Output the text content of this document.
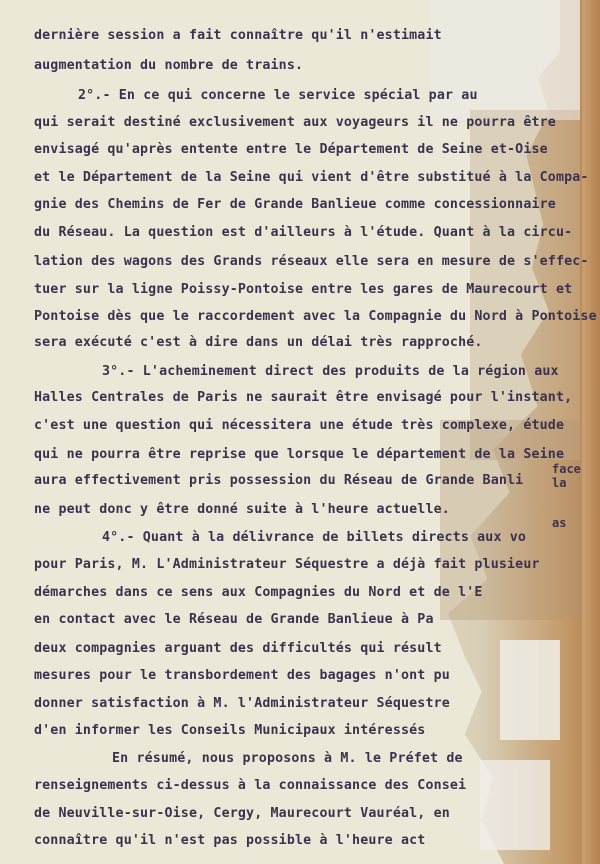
dernière session a fait connaître qu'il n'estimait

augmentation du nombre de trains.

2°.- En ce qui concerne le service spécial par au

qui serait destiné exclusivement aux voyageurs il ne pourra être

envisagé qu'après entente entre le Département de Seine et-Oise

et le Département de la Seine qui vient d'être substitué à la Compa-

gnie des Chemins de Fer de Grande Banlieue comme concessionnaire

du Réseau. La question est d'ailleurs à l'étude. Quant à la circu-

lation des wagons des Grands réseaux elle sera en mesure de s'effec-

tuer sur la ligne Poissy-Pontoise entre les gares de Maurecourt et

Pontoise dès que le raccordement avec la Compagnie du Nord à Pontoise

sera exécuté c'est à dire dans un délai très rapproché.

3°.- L'acheminement direct des produits de la région aux

Halles Centrales de Paris ne saurait être envisagé pour l'instant,

c'est une question qui nécessitera une étude très complexe, étude

qui ne pourra être reprise que lorsque le département de la Seine

aura effectivement pris possession du Réseau de Grande Banli

ne peut donc y être donné suite à l'heure actuelle.

4°.- Quant à la délivrance de billets directs aux vo

pour Paris, M. L'Administrateur Séquestre a déjà fait plusieur

démarches dans ce sens aux Compagnies du Nord et de l'E

en contact avec le Réseau de Grande Banlieue à Pa

deux compagnies arguant des difficultés qui résult

mesures pour le transbordement des bagages n'ont pu

donner satisfaction à M. l'Administrateur Séquestre

d'en informer les Conseils Municipaux intéressés

En résumé, nous proposons à M. le Préfet de

renseignements ci-dessus à la connaissance des Consei

de Neuville-sur-Oise, Cergy, Maurecourt Vauréal, en

connaître qu'il n'est pas possible à l'heure act

face
la
as
